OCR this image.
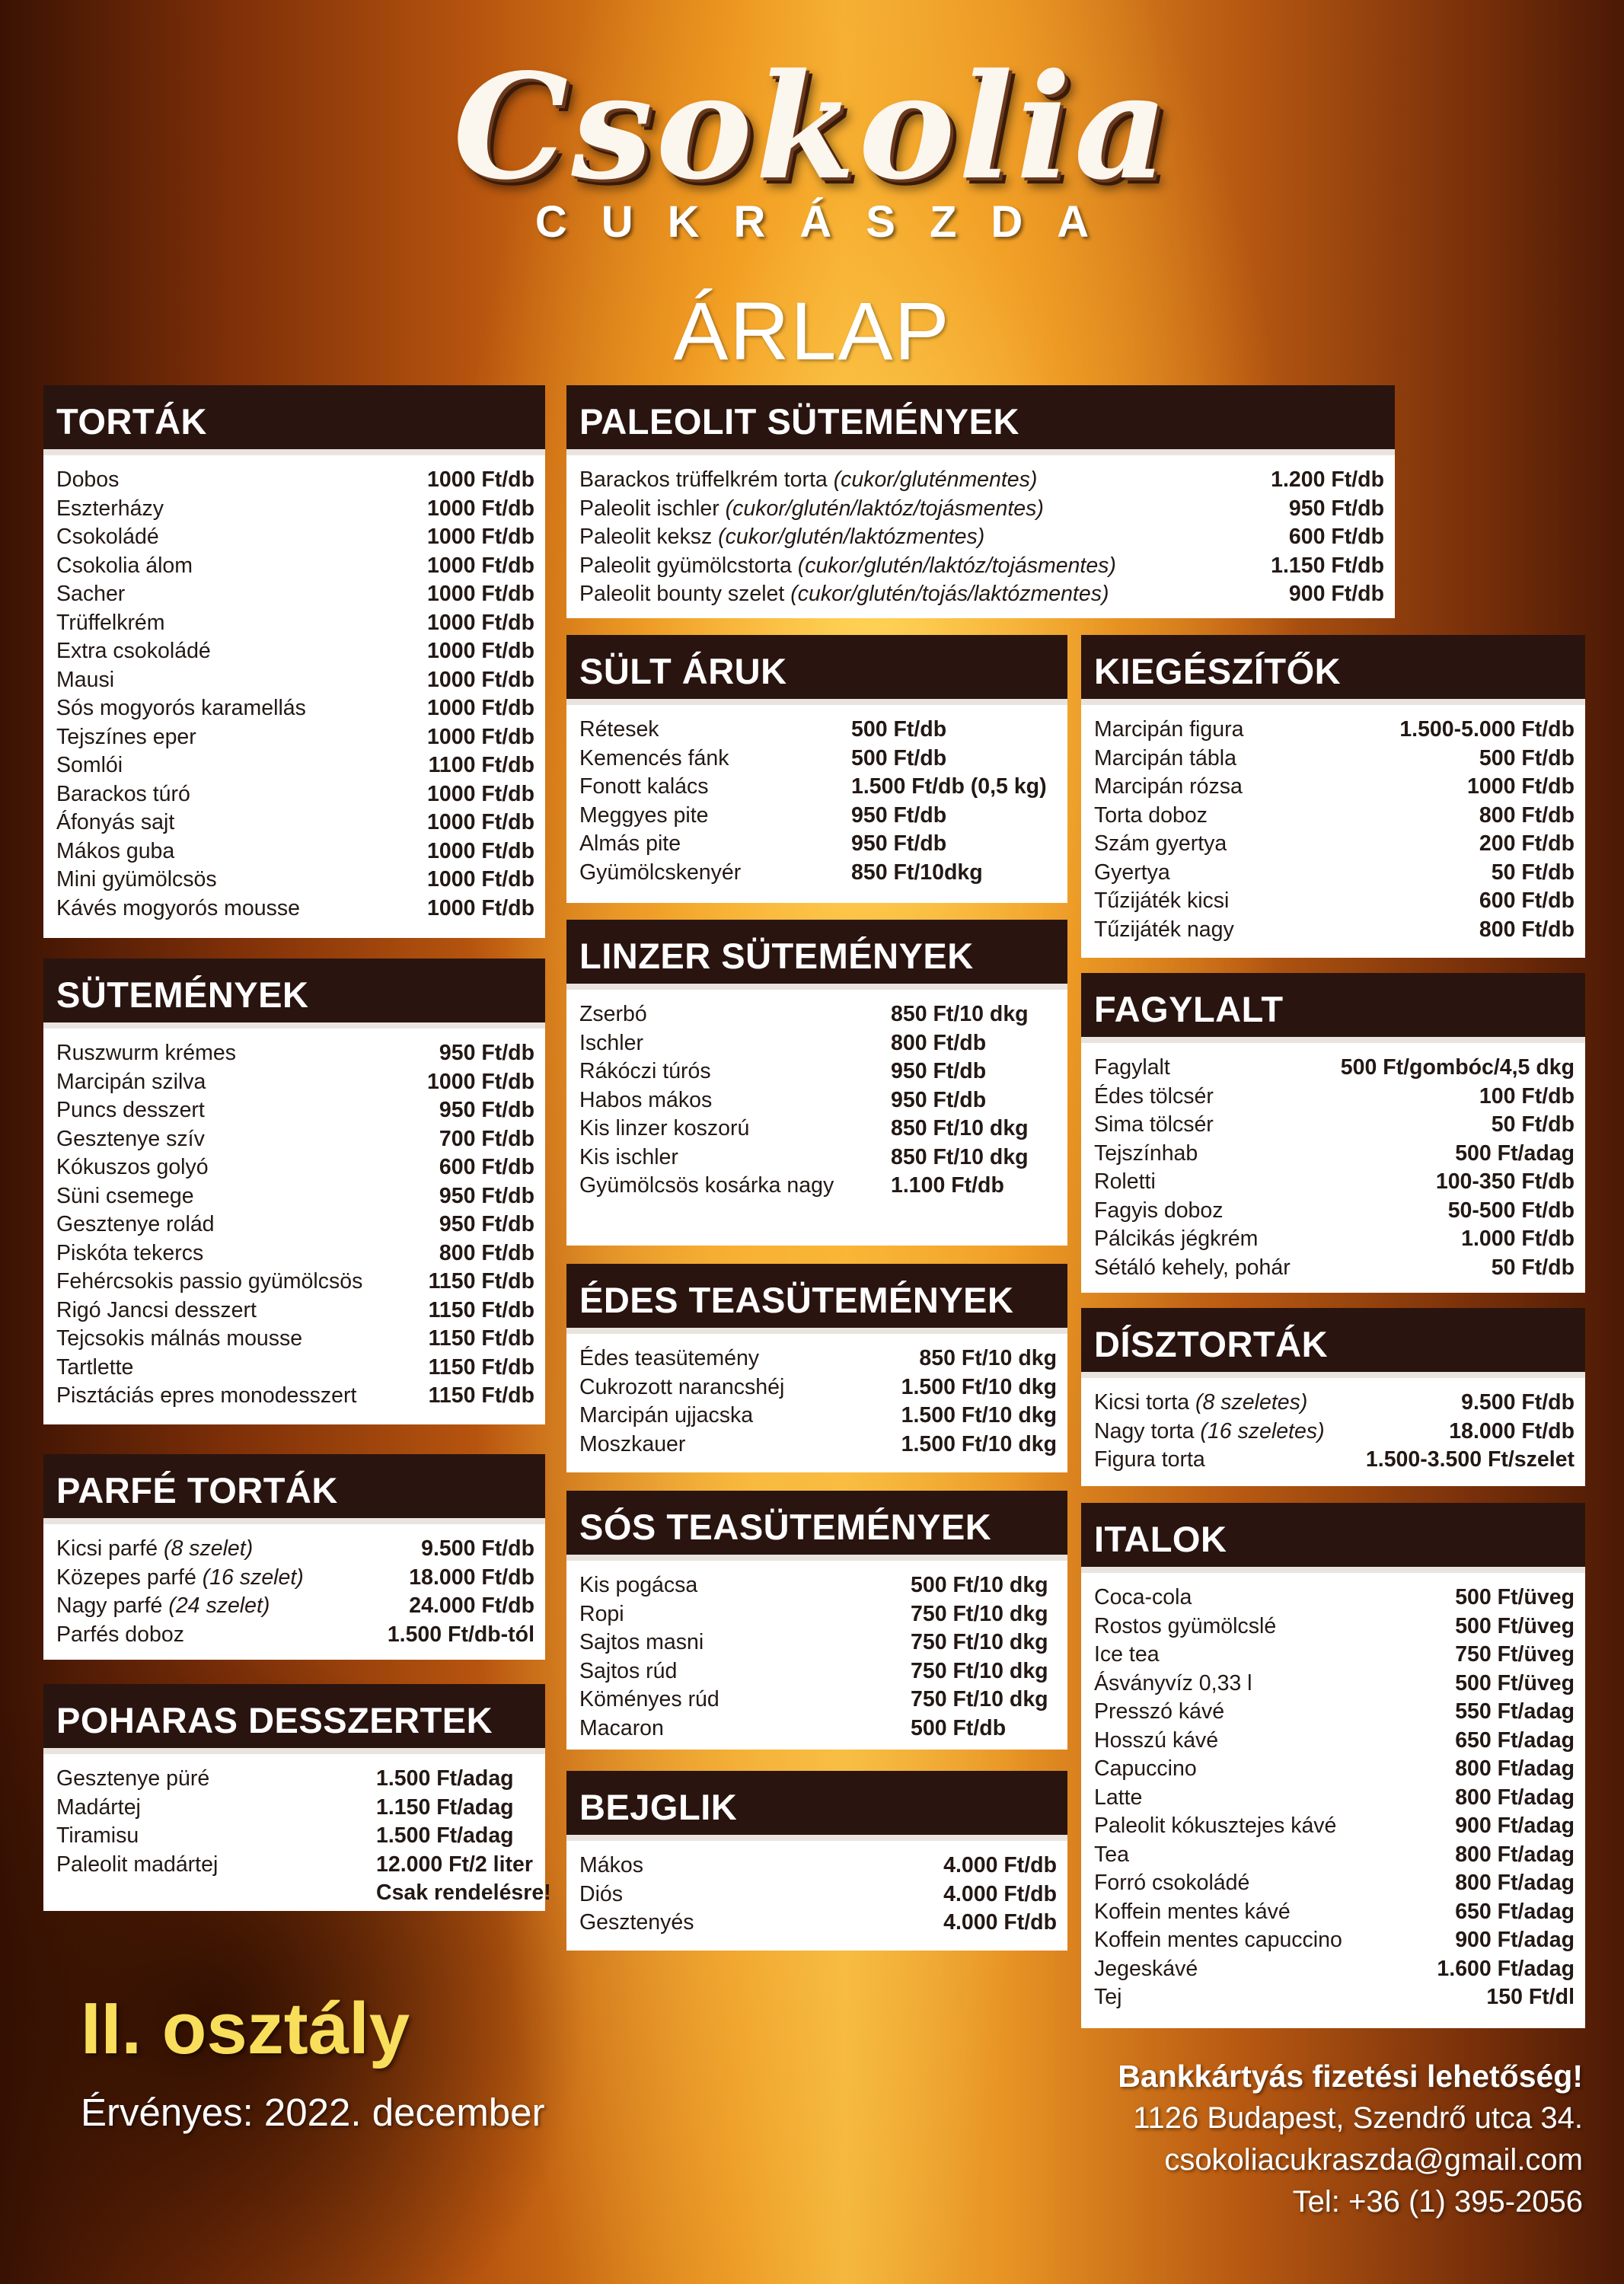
Csokolia
CUKRÁSZDA
ÁRLAP
TORTÁK
Dobos	1000 Ft/db
Eszterházy	1000 Ft/db
Csokoládé	1000 Ft/db
Csokolia álom	1000 Ft/db
Sacher	1000 Ft/db
Trüffelkrém	1000 Ft/db
Extra csokoládé	1000 Ft/db
Mausi	1000 Ft/db
Sós mogyorós karamellás	1000 Ft/db
Tejszínes eper	1000 Ft/db
Somlói	1100 Ft/db
Barackos túró	1000 Ft/db
Áfonyás sajt	1000 Ft/db
Mákos guba	1000 Ft/db
Mini gyümölcsös	1000 Ft/db
Kávés mogyorós mousse	1000 Ft/db
SÜTEMÉNYEK
Ruszwurm krémes	950 Ft/db
Marcipán szilva	1000 Ft/db
Puncs desszert	950 Ft/db
Gesztenye szív	700 Ft/db
Kókuszos golyó	600 Ft/db
Süni csemege	950 Ft/db
Gesztenye rolád	950 Ft/db
Piskóta tekercs	800 Ft/db
Fehércsokis passio gyümölcsös	1150 Ft/db
Rigó Jancsi desszert	1150 Ft/db
Tejcsokis málnás mousse	1150 Ft/db
Tartlette	1150 Ft/db
Pisztáciás epres monodesszert	1150 Ft/db
PARFÉ TORTÁK
Kicsi parfé (8 szelet)	9.500 Ft/db
Közepes parfé (16 szelet)	18.000 Ft/db
Nagy parfé (24 szelet)	24.000 Ft/db
Parfés doboz	1.500 Ft/db-tól
POHARAS DESSZERTEK
Gesztenye püré	1.500 Ft/adag
Madártej	1.150 Ft/adag
Tiramisu	1.500 Ft/adag
Paleolit madártej	12.000 Ft/2 liter
Csak rendelésre!
PALEOLIT SÜTEMÉNYEK
Barackos trüffelkrém torta (cukor/gluténmentes)	1.200 Ft/db
Paleolit ischler (cukor/glutén/laktóz/tojásmentes)	950 Ft/db
Paleolit keksz (cukor/glutén/laktózmentes)	600 Ft/db
Paleolit gyümölcstorta (cukor/glutén/laktóz/tojásmentes)	1.150 Ft/db
Paleolit bounty szelet (cukor/glutén/tojás/laktózmentes)	900 Ft/db
SÜLT ÁRUK
Rétesek	500 Ft/db
Kemencés fánk	500 Ft/db
Fonott kalács	1.500 Ft/db (0,5 kg)
Meggyes pite	950 Ft/db
Almás pite	950 Ft/db
Gyümölcskenyér	850 Ft/10dkg
LINZER SÜTEMÉNYEK
Zserbó	850 Ft/10 dkg
Ischler	800 Ft/db
Rákóczi túrós	950 Ft/db
Habos mákos	950 Ft/db
Kis linzer koszorú	850 Ft/10 dkg
Kis ischler	850 Ft/10 dkg
Gyümölcsös kosárka nagy	1.100 Ft/db
ÉDES TEASÜTEMÉNYEK
Édes teasütemény	850 Ft/10 dkg
Cukrozott narancshéj	1.500 Ft/10 dkg
Marcipán ujjacska	1.500 Ft/10 dkg
Moszkauer	1.500 Ft/10 dkg
SÓS TEASÜTEMÉNYEK
Kis pogácsa	500 Ft/10 dkg
Ropi	750 Ft/10 dkg
Sajtos masni	750 Ft/10 dkg
Sajtos rúd	750 Ft/10 dkg
Köményes rúd	750 Ft/10 dkg
Macaron	500 Ft/db
BEJGLIK
Mákos	4.000 Ft/db
Diós	4.000 Ft/db
Gesztenyés	4.000 Ft/db
KIEGÉSZÍTŐK
Marcipán figura	1.500-5.000 Ft/db
Marcipán tábla	500 Ft/db
Marcipán rózsa	1000 Ft/db
Torta doboz	800 Ft/db
Szám gyertya	200 Ft/db
Gyertya	50 Ft/db
Tűzijáték kicsi	600 Ft/db
Tűzijáték nagy	800 Ft/db
FAGYLALT
Fagylalt	500 Ft/gombóc/4,5 dkg
Édes tölcsér	100 Ft/db
Sima tölcsér	50 Ft/db
Tejszínhab	500 Ft/adag
Roletti	100-350 Ft/db
Fagyis doboz	50-500 Ft/db
Pálcikás jégkrém	1.000 Ft/db
Sétáló kehely, pohár	50 Ft/db
DÍSZTORTÁK
Kicsi torta (8 szeletes)	9.500 Ft/db
Nagy torta (16 szeletes)	18.000 Ft/db
Figura torta	1.500-3.500 Ft/szelet
ITALOK
Coca-cola	500 Ft/üveg
Rostos gyümölcslé	500 Ft/üveg
Ice tea	750 Ft/üveg
Ásványvíz 0,33 l	500 Ft/üveg
Presszó kávé	550 Ft/adag
Hosszú kávé	650 Ft/adag
Capuccino	800 Ft/adag
Latte	800 Ft/adag
Paleolit kókusztejes kávé	900 Ft/adag
Tea	800 Ft/adag
Forró csokoládé	800 Ft/adag
Koffein mentes kávé	650 Ft/adag
Koffein mentes capuccino	900 Ft/adag
Jegeskávé	1.600 Ft/adag
Tej	150 Ft/dl
II. osztály
Érvényes: 2022. december
Bankkártyás fizetési lehetőség!
1126 Budapest, Szendrő utca 34.
csokoliacukraszda@gmail.com
Tel: +36 (1) 395-2056
